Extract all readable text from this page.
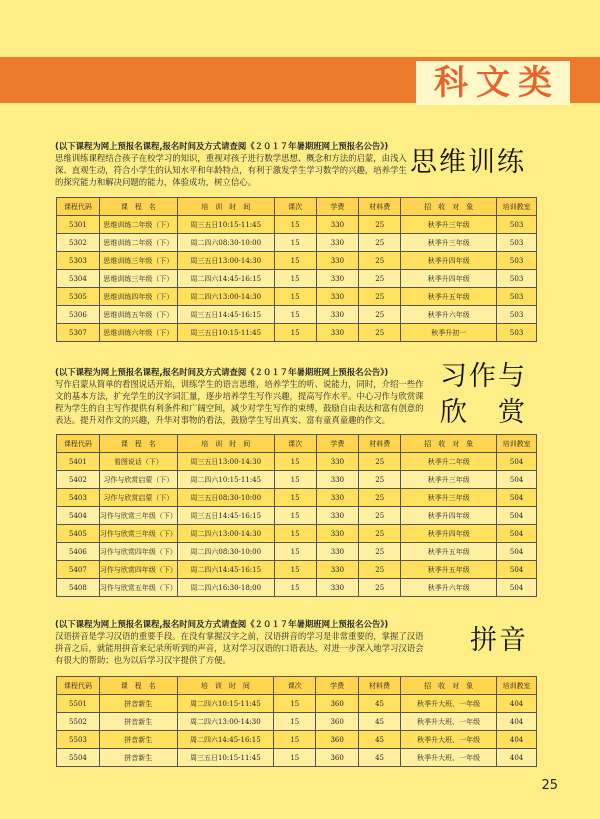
科文类
(以下课程为网上预报名课程,报名时间及方式请查阅《２０１７年暑期班网上预报名公告》)
思维训练课程结合孩子在校学习的知识，重视对孩子进行数学思想、概念和方法的启蒙，由浅入深、直观生动，符合小学生的认知水平和年龄特点，有利于激发学生学习数学的兴趣，培养学生的探究能力和解决问题的能力，体验成功，树立信心。
思维训练
课程代码	课　程　名	培　训　时　间	课次	学费	材料费	招　收　对　象	培训教室
5301	思维训练二年级（下）	周三五日10:15-11:45	15	330	25	秋季升三年级	503
5302	思维训练二年级（下）	周二四六08:30-10:00	15	330	25	秋季升三年级	503
5303	思维训练三年级（下）	周三五日13:00-14:30	15	330	25	秋季升四年级	503
5304	思维训练三年级（下）	周二四六14:45-16:15	15	330	25	秋季升四年级	503
5305	思维训练四年级（下）	周二四六13:00-14:30	15	330	25	秋季升五年级	503
5306	思维训练五年级（下）	周三五日14:45-16:15	15	330	25	秋季升六年级	503
5307	思维训练六年级（下）	周三五日10:15-11:45	15	330	25	秋季升初一	503
(以下课程为网上预报名课程,报名时间及方式请查阅《２０１７年暑期班网上预报名公告》)
写作启蒙从简单的看图说话开始，训练学生的语言思维，培养学生的听、说能力，同时，介绍一些作文的基本方法，扩充学生的汉字词汇量，逐步培养学生写作兴趣，提高写作水平。中心习作与欣赏课程为学生的自主写作提供有利条件和广阔空间，减少对学生写作的束缚，鼓励自由表达和富有创意的表达。提升对作文的兴趣，升华对事物的看法，鼓励学生写出真实、富有童真童趣的作文。
习作与
欣　赏
课程代码	课　程　名	培　训　时　间	课次	学费	材料费	招　收　对　象	培训教室
5401	看图说话（下）	周三五日13:00-14:30	15	330	25	秋季升二年级	504
5402	习作与欣赏启蒙（下）	周二四六10:15-11:45	15	330	25	秋季升三年级	504
5403	习作与欣赏启蒙（下）	周三五日08:30-10:00	15	330	25	秋季升三年级	504
5404	习作与欣赏三年级（下）	周三五日14:45-16:15	15	330	25	秋季升四年级	504
5405	习作与欣赏三年级（下）	周二四六13:00-14:30	15	330	25	秋季升四年级	504
5406	习作与欣赏四年级（下）	周二四六08:30-10:00	15	330	25	秋季升五年级	504
5407	习作与欣赏四年级（下）	周二四六14:45-16:15	15	330	25	秋季升五年级	504
5408	习作与欣赏五年级（下）	周二四六16:30-18:00	15	330	25	秋季升六年级	504
(以下课程为网上预报名课程,报名时间及方式请查阅《２０１７年暑期班网上预报名公告》)
汉语拼音是学习汉语的重要手段。在没有掌握汉字之前，汉语拼音的学习是非常重要的，掌握了汉语拼音之后，就能用拼音来记录所听到的声音，这对学习汉语的口语表达，对进一步深入地学习汉语会有很大的帮助；也为以后学习汉字提供了方便。
拼音
课程代码	课　程　名	培　训　时　间	课次	学费	材料费	招　收　对　象	培训教室
5501	拼音新生	周二四六10:15-11:45	15	360	45	秋季升大班、一年级	404
5502	拼音新生	周二四六13:00-14:30	15	360	45	秋季升大班、一年级	404
5503	拼音新生	周二四六14:45-16:15	15	360	45	秋季升大班、一年级	404
5504	拼音新生	周三五日10:15-11:45	15	360	45	秋季升大班、一年级	404
25
